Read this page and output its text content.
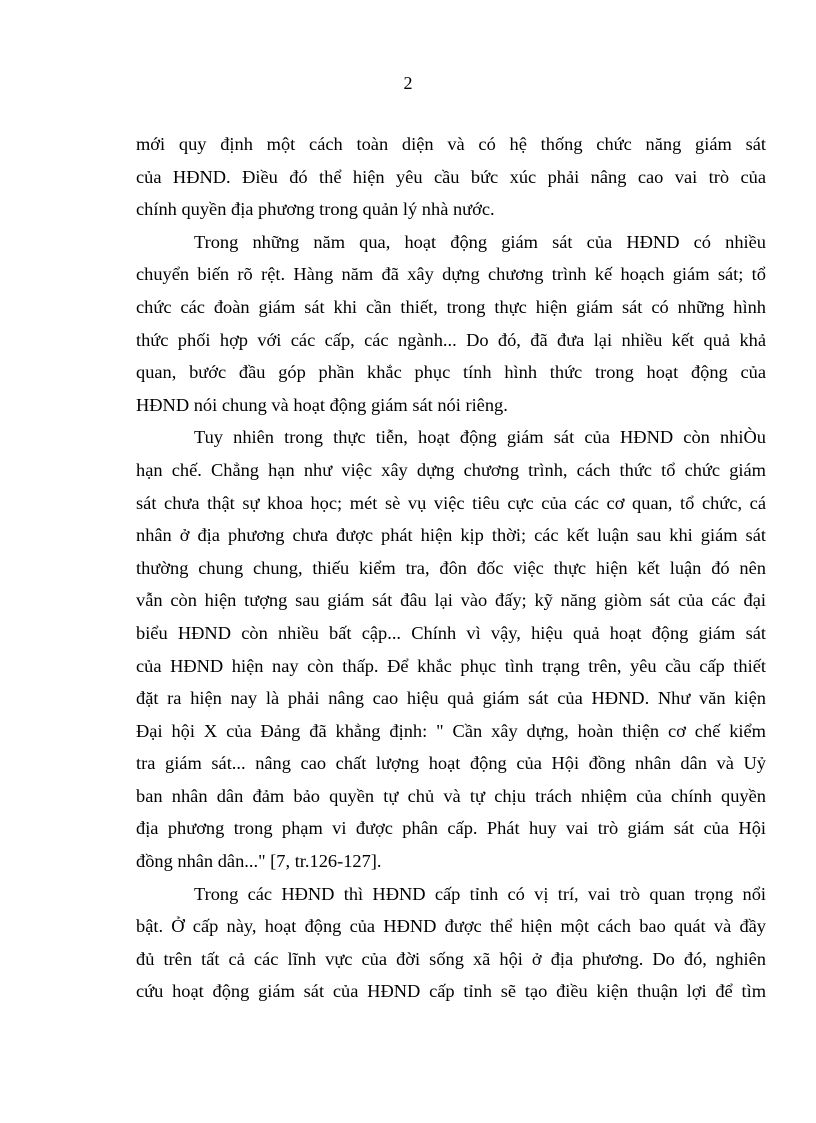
2
mới quy định một cách toàn diện và có hệ thống chức năng giám sát
của HĐND. Điều đó thể hiện yêu cầu bức xúc phải nâng cao vai trò của
chính quyền địa phương trong quản lý nhà nước.
Trong những năm qua, hoạt động giám sát của HĐND có nhiều
chuyển biến rõ rệt. Hàng năm đã xây dựng chương trình kế hoạch giám sát; tổ
chức các đoàn giám sát khi cần thiết, trong thực hiện giám sát có những hình
thức phối hợp với các cấp, các ngành... Do đó, đã đưa lại nhiều kết quả khả
quan, bước đầu góp phần khắc phục tính hình thức trong hoạt động của
HĐND nói chung và hoạt động giám sát nói riêng.
Tuy nhiên trong thực tiễn, hoạt động giám sát của HĐND còn nhiÒu
hạn chế. Chẳng hạn như việc xây dựng chương trình, cách thức tổ chức giám
sát chưa thật sự khoa học; mét sè vụ việc tiêu cực của các cơ quan, tổ chức, cá
nhân ở địa phương chưa được phát hiện kịp thời; các kết luận sau khi giám sát
thường chung chung, thiếu kiểm tra, đôn đốc việc thực hiện kết luận đó nên
vẫn còn hiện tượng sau giám sát đâu lại vào đấy; kỹ năng giòm sát của các đại
biểu HĐND còn nhiều bất cập... Chính vì vậy, hiệu quả hoạt động giám sát
của HĐND hiện nay còn thấp. Để khắc phục tình trạng trên, yêu cầu cấp thiết
đặt ra hiện nay là phải nâng cao hiệu quả giám sát của HĐND. Như văn kiện
Đại hội X của Đảng đã khẳng định: " Cần xây dựng, hoàn thiện cơ chế kiểm
tra giám sát... nâng cao chất lượng hoạt động của Hội đồng nhân dân và Uỷ
ban nhân dân đảm bảo quyền tự chủ và tự chịu trách nhiệm của chính quyền
địa phương trong phạm vi được phân cấp. Phát huy vai trò giám sát của Hội
đồng nhân dân..." [7, tr.126-127].
Trong các HĐND thì HĐND cấp tỉnh có vị trí, vai trò quan trọng nổi
bật. Ở cấp này, hoạt động của HĐND được thể hiện một cách bao quát và đầy
đủ trên tất cả các lĩnh vực của đời sống xã hội ở địa phương. Do đó, nghiên
cứu hoạt động giám sát của HĐND cấp tỉnh sẽ tạo điều kiện thuận lợi để tìm
